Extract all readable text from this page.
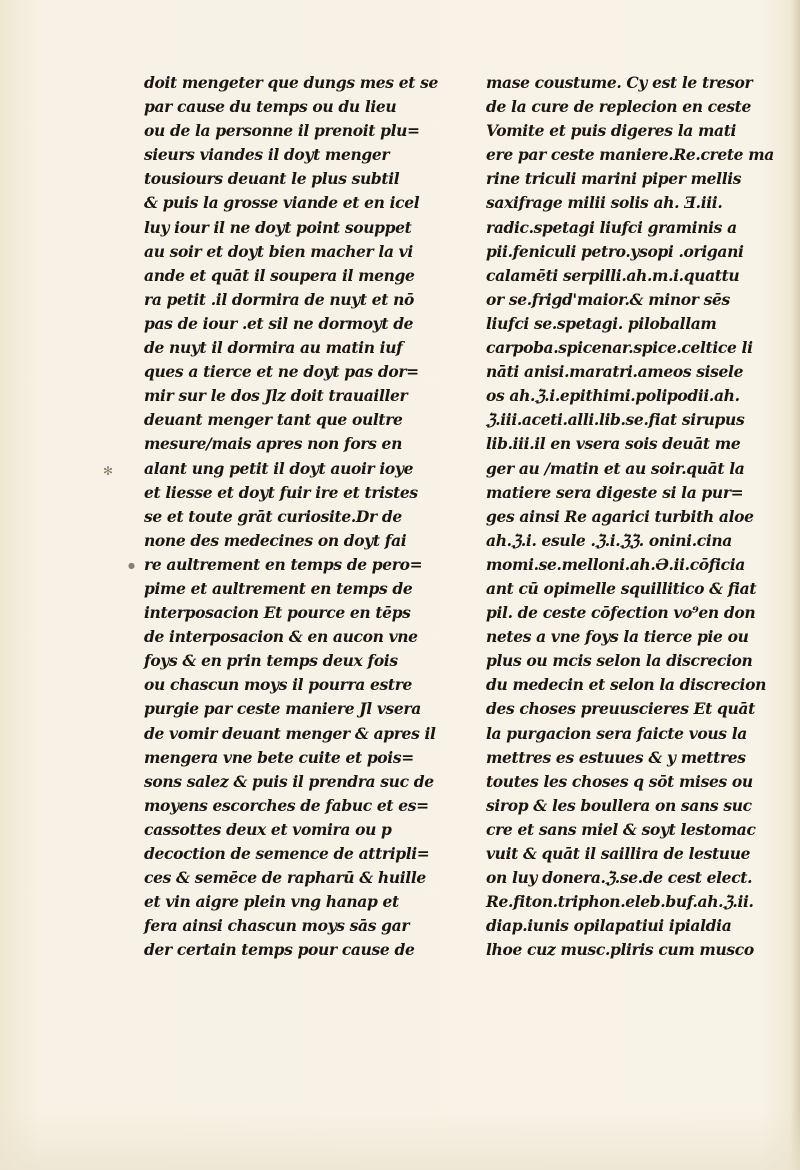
doit mengeter que dungs mes et se
par cause du temps ou du lieu
ou de la personne il prenoit plu=
sieurs viandes il doyt menger
tousiours deuant le plus subtil
& puis la grosse viande et en icel
luy iour il ne doyt point souppet
au soir et doyt bien macher la vi
ande et quāt il soupera il menge
ra petit .il dormira de nuyt et nō
pas de iour .et sil ne dormoyt de
de nuyt il dormira au matin iuf
ques a tierce et ne doyt pas dor=
mir sur le dos Jlz doit trauailler
deuant menger tant que oultre
mesure/mais apres non fors en
alant ung petit il doyt auoir ioye
et liesse et doyt fuir ire et tristes
se et toute grāt curiosite.Dr de
none des medecines on doyt fai
re aultrement en temps de pero=
pime et aultrement en temps de
interposacion Et pource en tēps
de interposacion & en aucon vne
foys & en prin temps deux fois
ou chascun moys il pourra estre
purgie par ceste maniere Jl vsera
de vomir deuant menger & apres il
mengera vne bete cuite et pois=
sons salez & puis il prendra suc de
moyens escorches de fabuc et es=
cassottes deux et vomira ou p
decoction de semence de attripli=
ces & semēce de rapharū & huille
et vin aigre plein vng hanap et
fera ainsi chascun moys sās gar
der certain temps pour cause de
mase coustume. Cy est le tresor
de la cure de replecion en ceste
Vomite et puis digeres la mati
ere par ceste maniere.Re.crete ma
rine triculi marini piper mellis
saxifrage milii solis ah. Ǝ.iii.
radic.spetagi liufci graminis a
pii.feniculi petro.ysopi .origani
calamēti serpilli.ah.m.i.quattu
or se.frigd'maior.& minor sēs
liufci se.spetagi. piloballam
carpoba.spicenar.spice.celtice li
nāti anisi.maratri.ameos sisele
os ah.ℨ.i.epithimi.polipodii.ah.
ℨ.iii.aceti.alli.lib.se.fiat sirupus
lib.iii.il en vsera sois deuāt me
ger au /matin et au soir.quāt la
matiere sera digeste si la pur=
ges ainsi Re agarici turbith aloe
ah.ℨ.i. esule .ℨ.i.ℨℨ. onini.cina
momi.se.melloni.ah.Ə.ii.cōficia
ant cū opimelle squillitico & fiat
pil. de ceste cōfection vo⁹en don
netes a vne foys la tierce pie ou
plus ou mcis selon la discrecion
du medecin et selon la discrecion
des choses preuuscieres Et quāt
la purgacion sera faicte vous la
mettres es estuues & y mettres
toutes les choses q sōt mises ou
sirop & les boullera on sans suc
cre et sans miel & soyt lestomac
vuit & quāt il saillira de lestuue
on luy donera.ℨ.se.de cest elect.
Re.fiton.triphon.eleb.buf.ah.ℨ.ii.
diap.iunis opilapatiui ipialdia
lhoe cuz musc.pliris cum musco
✻
●
